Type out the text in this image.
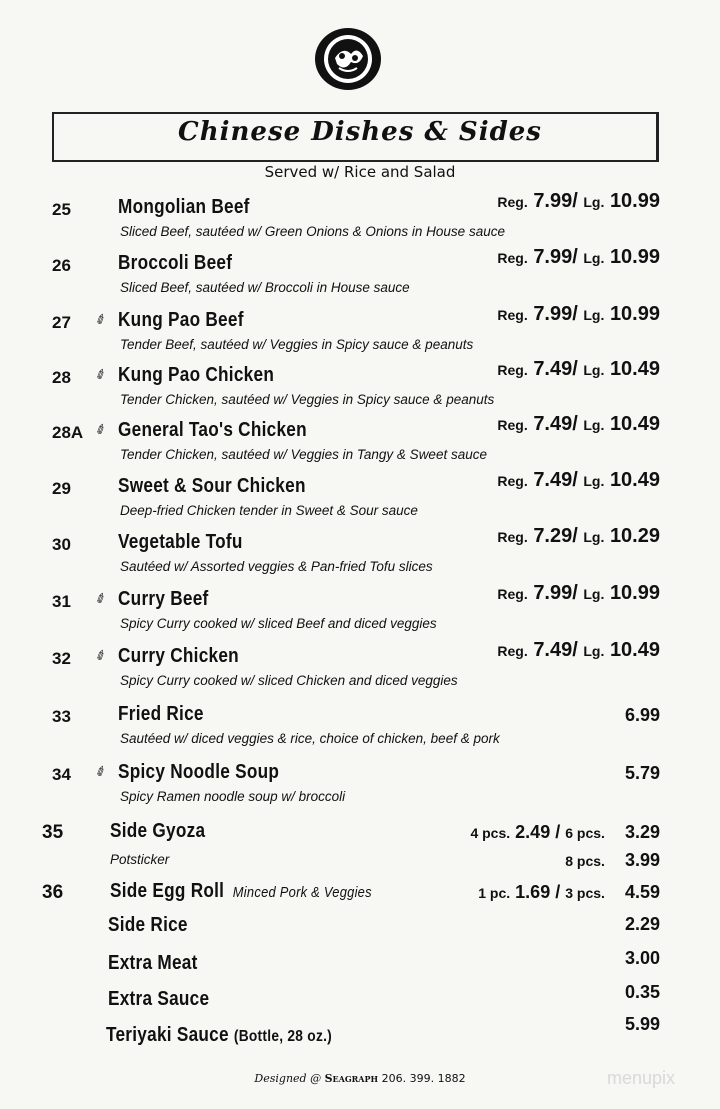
Chinese Dishes & Sides
Served w/ Rice and Salad
25 Mongolian Beef
Sliced Beef, sautéed w/ Green Onions & Onions in House sauce
Reg. 7.99/ Lg. 10.99
26 Broccoli Beef
Sliced Beef, sautéed w/ Broccoli in House sauce
Reg. 7.99/ Lg. 10.99
27 ✐ Kung Pao Beef
Tender Beef, sautéed w/ Veggies in Spicy sauce & peanuts
Reg. 7.99/ Lg. 10.99
28 ✐ Kung Pao Chicken
Tender Chicken, sautéed w/ Veggies in Spicy sauce & peanuts
Reg. 7.49/ Lg. 10.49
28A ✐ General Tao's Chicken
Tender Chicken, sautéed w/ Veggies in Tangy & Sweet sauce
Reg. 7.49/ Lg. 10.49
29 Sweet & Sour Chicken
Deep-fried Chicken tender in Sweet & Sour sauce
Reg. 7.49/ Lg. 10.49
30 Vegetable Tofu
Sautéed w/ Assorted veggies & Pan-fried Tofu slices
Reg. 7.29/ Lg. 10.29
31 ✐ Curry Beef
Spicy Curry cooked w/ sliced Beef and diced veggies
Reg. 7.99/ Lg. 10.99
32 ✐ Curry Chicken
Spicy Curry cooked w/ sliced Chicken and diced veggies
Reg. 7.49/ Lg. 10.49
33 Fried Rice
Sautéed w/ diced veggies & rice, choice of chicken, beef & pork
6.99
34 ✐ Spicy Noodle Soup
Spicy Ramen noodle soup w/ broccoli
5.79
35 Side Gyoza
Potsticker
4 pcs. 2.49 / 6 pcs. 3.29
8 pcs. 3.99
36 Side Egg Roll Minced Pork & Veggies	1 pc. 1.69 / 3 pcs. 4.59
Side Rice	2.29
Extra Meat	3.00
Extra Sauce	0.35
Teriyaki Sauce (Bottle, 28 oz.)
5.99
Designed @ Seagraph 206. 399. 1882	menupix
